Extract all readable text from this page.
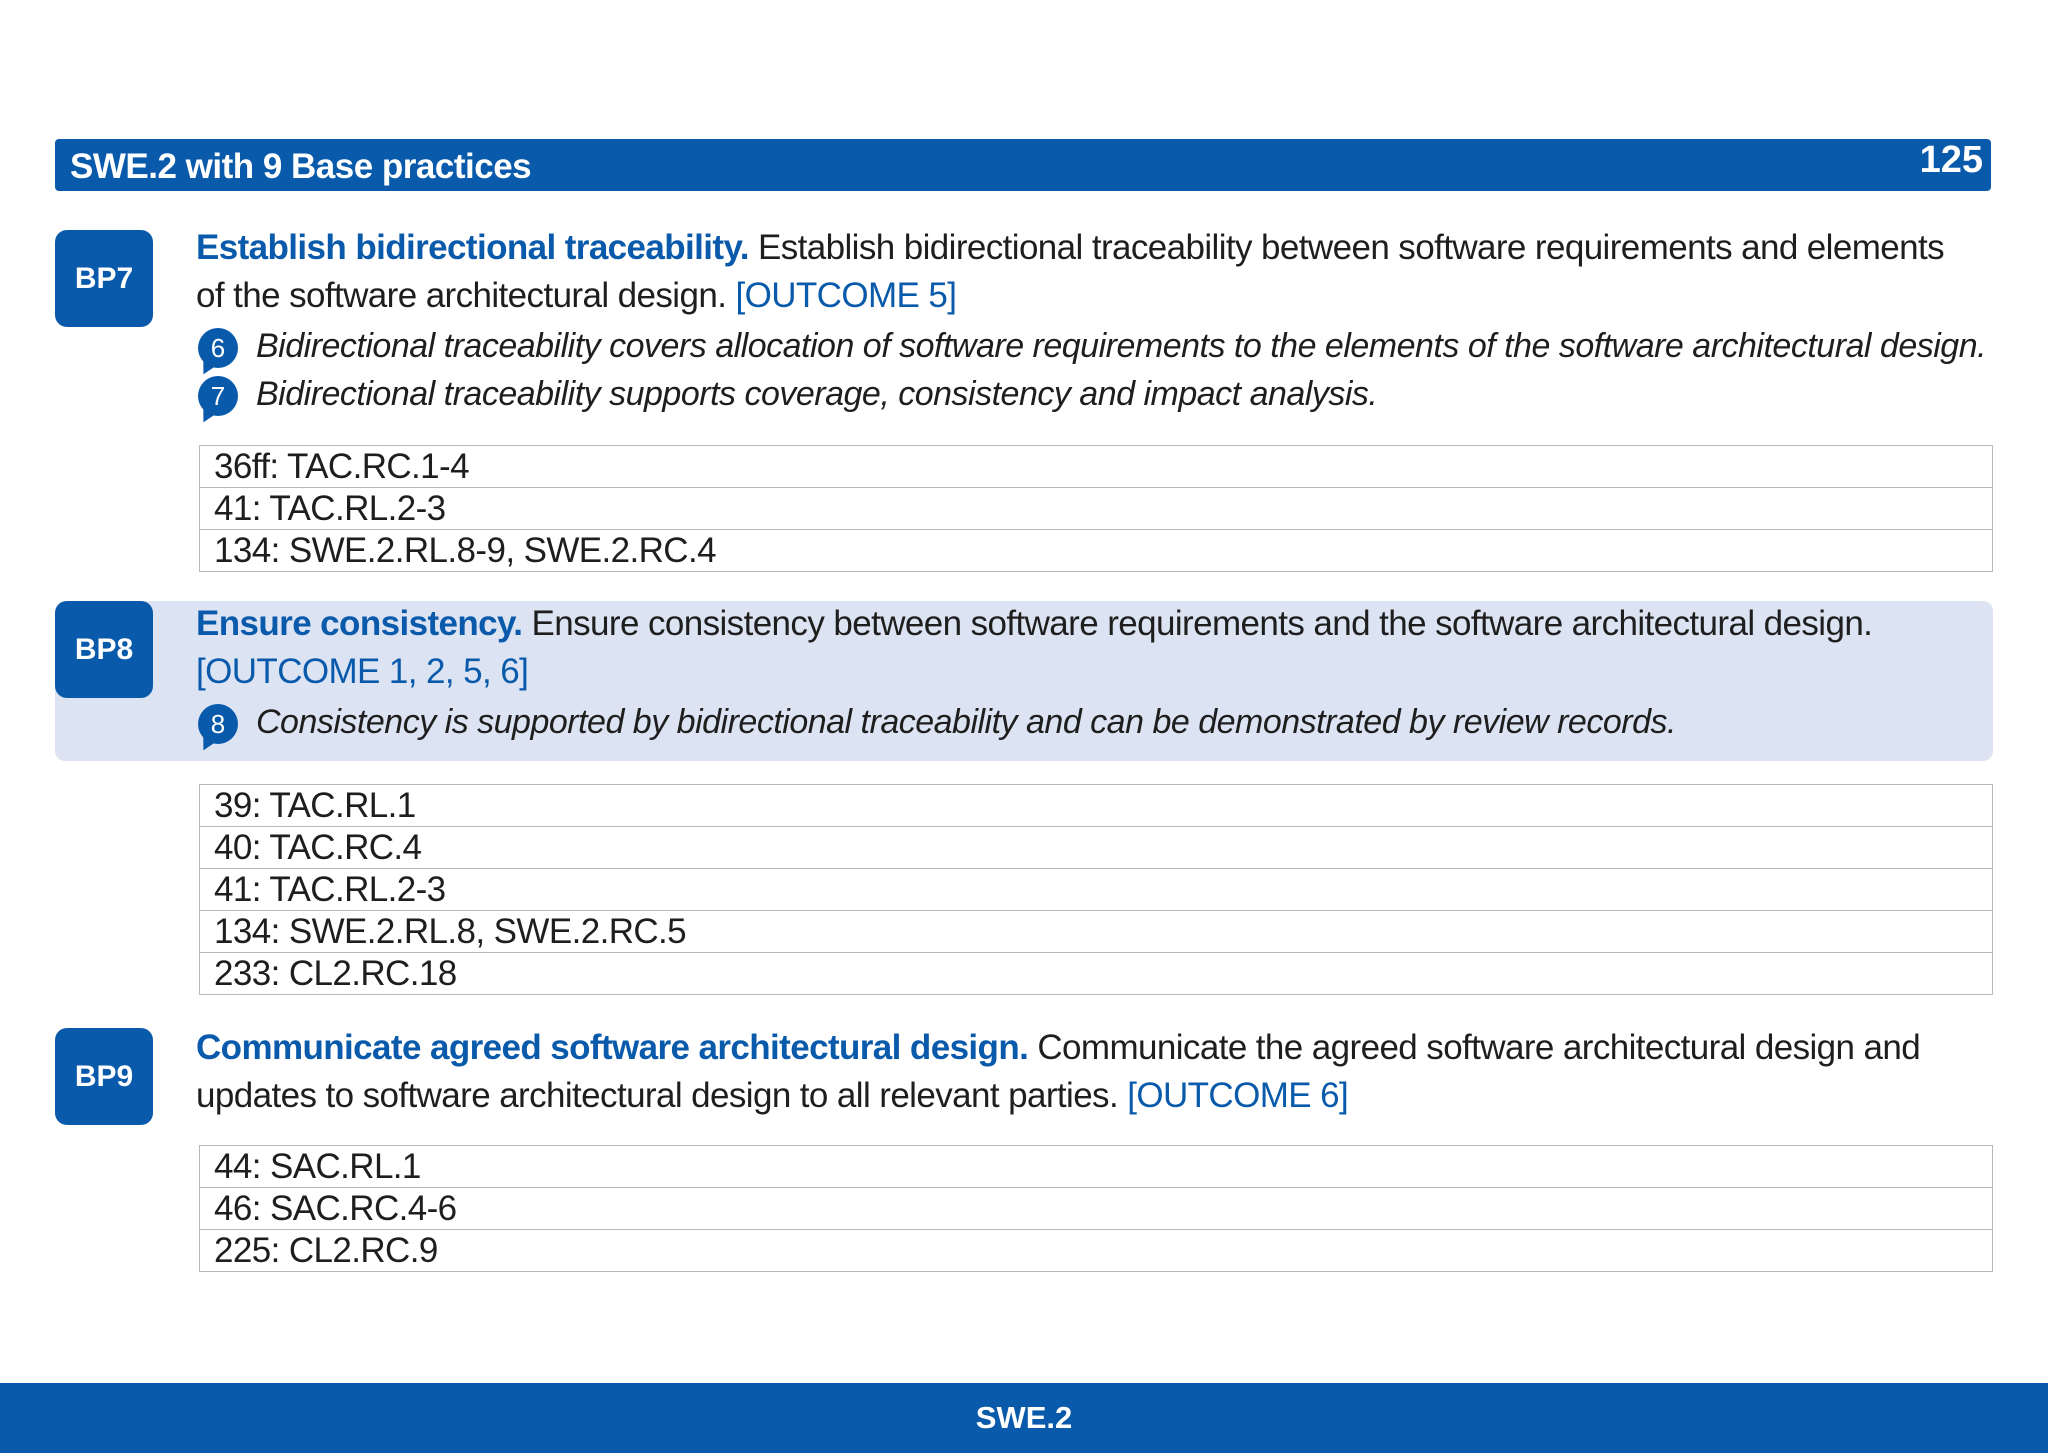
SWE.2 with 9 Base practices	125
BP7
Establish bidirectional traceability. Establish bidirectional traceability between software requirements and elements of the software architectural design. [OUTCOME 5]
6 Bidirectional traceability covers allocation of software requirements to the elements of the software architectural design.
7 Bidirectional traceability supports coverage, consistency and impact analysis.
36ff: TAC.RC.1-4
41: TAC.RL.2-3
134: SWE.2.RL.8-9, SWE.2.RC.4
BP8
Ensure consistency. Ensure consistency between software requirements and the software architectural design.
[OUTCOME 1, 2, 5, 6]
8 Consistency is supported by bidirectional traceability and can be demonstrated by review records.
39: TAC.RL.1
40: TAC.RC.4
41: TAC.RL.2-3
134: SWE.2.RL.8, SWE.2.RC.5
233: CL2.RC.18
BP9
Communicate agreed software architectural design. Communicate the agreed software architectural design and updates to software architectural design to all relevant parties. [OUTCOME 6]
44: SAC.RL.1
46: SAC.RC.4-6
225: CL2.RC.9
SWE.2
